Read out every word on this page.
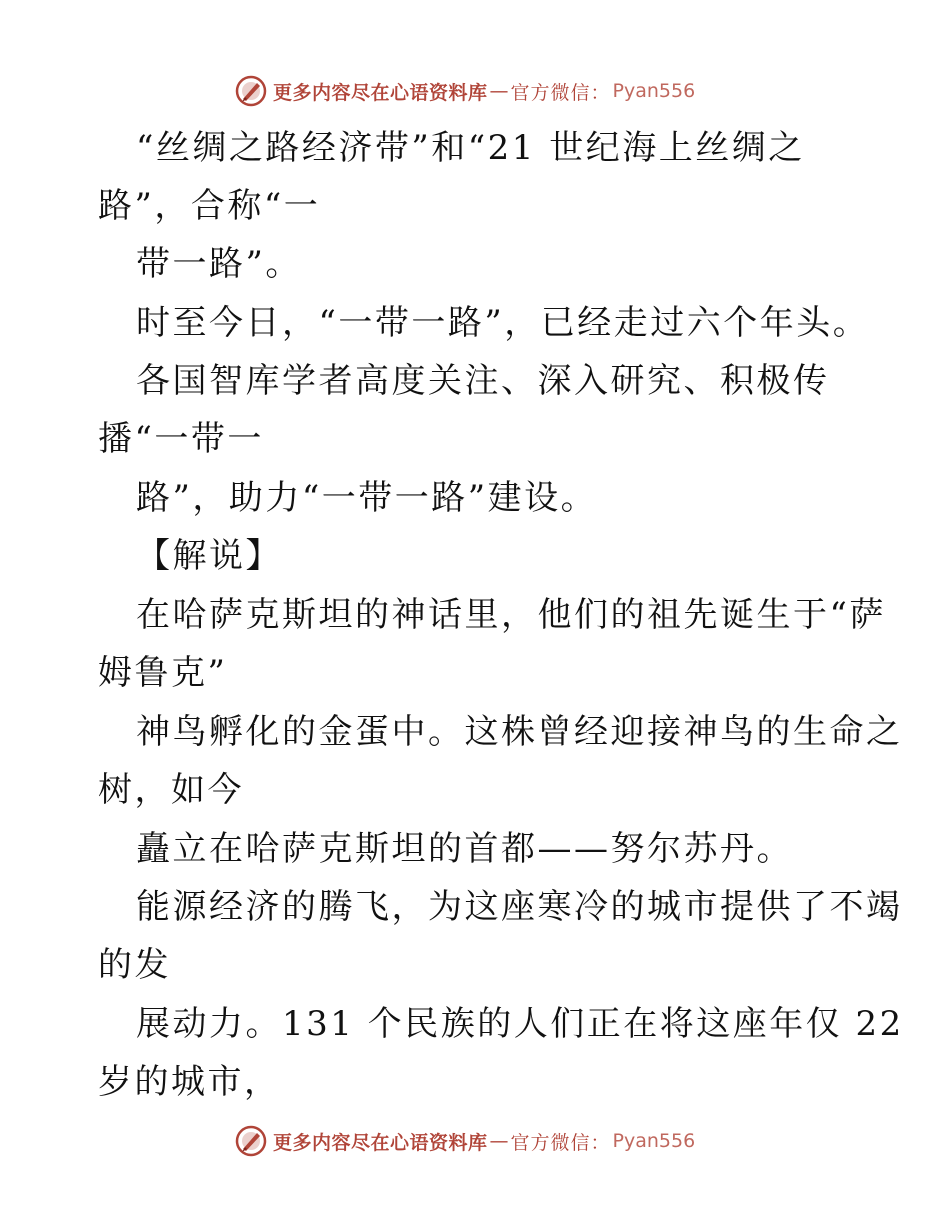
更多内容尽在心语资料库 — 官方微信： Pyan556
“丝绸之路经济带”和“21 世纪海上丝绸之
路”，合称“一
带一路”。
时至今日，“一带一路”，已经走过六个年头。
各国智库学者高度关注、深入研究、积极传
播“一带一
路”，助力“一带一路”建设。
【解说】
在哈萨克斯坦的神话里，他们的祖先诞生于“萨
姆鲁克”
神鸟孵化的金蛋中。这株曾经迎接神鸟的生命之
树，如今
矗立在哈萨克斯坦的首都——努尔苏丹。
能源经济的腾飞，为这座寒冷的城市提供了不竭
的发
展动力。131 个民族的人们正在将这座年仅 22
岁的城市，
更多内容尽在心语资料库 — 官方微信： Pyan556
